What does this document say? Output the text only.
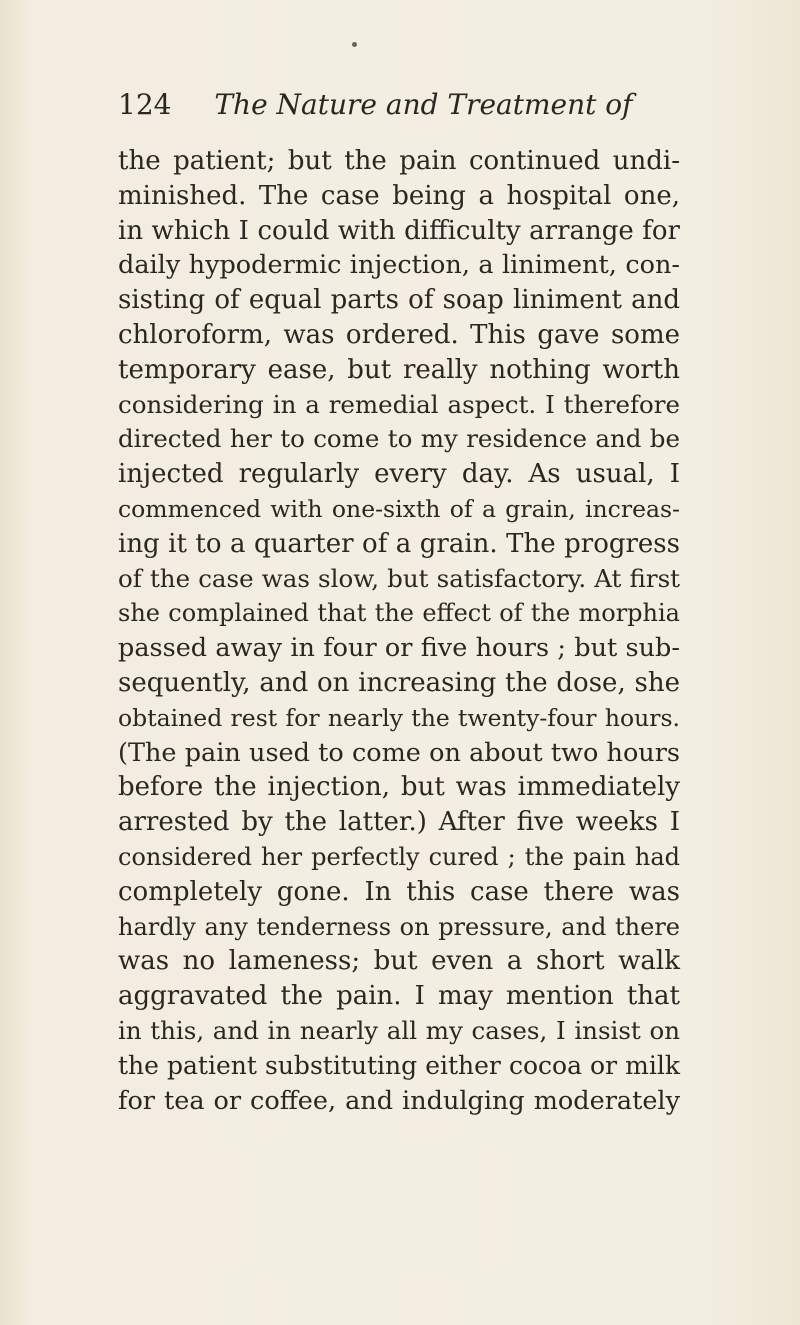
124 The Nature and Treatment of
the patient; but the pain continued undi-
minished. The case being a hospital one,
in which I could with difficulty arrange for
daily hypodermic injection, a liniment, con-
sisting of equal parts of soap liniment and
chloroform, was ordered. This gave some
temporary ease, but really nothing worth
considering in a remedial aspect. I therefore
directed her to come to my residence and be
injected regularly every day. As usual, I
commenced with one-sixth of a grain, increas-
ing it to a quarter of a grain. The progress
of the case was slow, but satisfactory. At first
she complained that the effect of the morphia
passed away in four or five hours ; but sub-
sequently, and on increasing the dose, she
obtained rest for nearly the twenty-four hours.
(The pain used to come on about two hours
before the injection, but was immediately
arrested by the latter.) After five weeks I
considered her perfectly cured ; the pain had
completely gone. In this case there was
hardly any tenderness on pressure, and there
was no lameness; but even a short walk
aggravated the pain. I may mention that
in this, and in nearly all my cases, I insist on
the patient substituting either cocoa or milk
for tea or coffee, and indulging moderately
